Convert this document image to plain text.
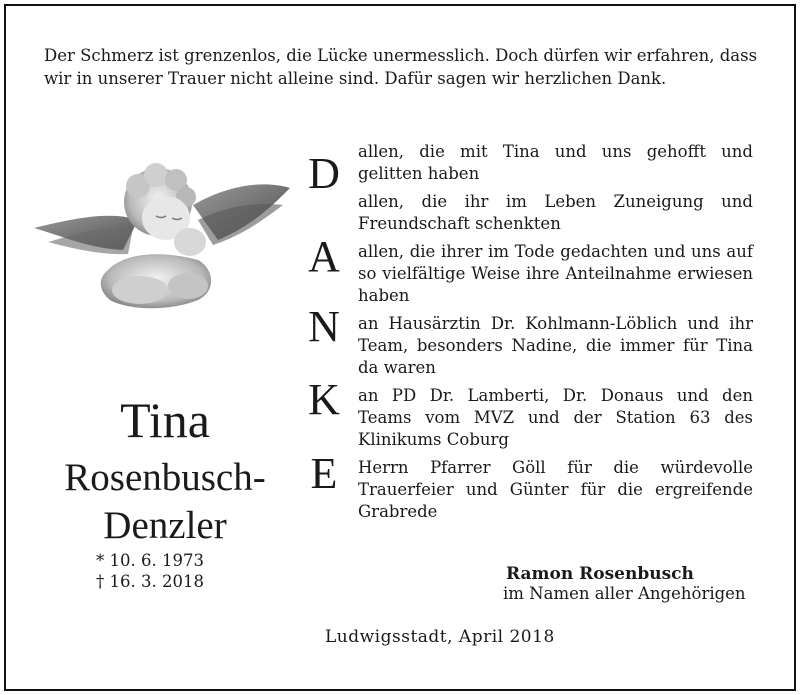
Der Schmerz ist grenzenlos, die Lücke unermesslich. Doch dürfen wir erfahren, dass wir in unserer Trauer nicht alleine sind. Dafür sagen wir herzlichen Dank.
Tina
Rosenbusch-
Denzler
* 10. 6. 1973
† 16. 3. 2018
D
A
N
K
E
allen, die mit Tina und uns gehofft und gelitten haben
allen, die ihr im Leben Zuneigung und Freundschaft schenkten
allen, die ihrer im Tode gedachten und uns auf so vielfältige Weise ihre Anteilnahme erwiesen haben
an Hausärztin Dr. Kohlmann-Löblich und ihr Team, besonders Nadine, die immer für Tina da waren
an PD Dr. Lamberti, Dr. Donaus und den Teams vom MVZ und der Station 63 des Klinikums Coburg
Herrn Pfarrer Göll für die würdevolle Trauerfeier und Günter für die ergreifende Grabrede
Ramon Rosenbusch
im Namen aller Angehörigen
Ludwigsstadt, April 2018
